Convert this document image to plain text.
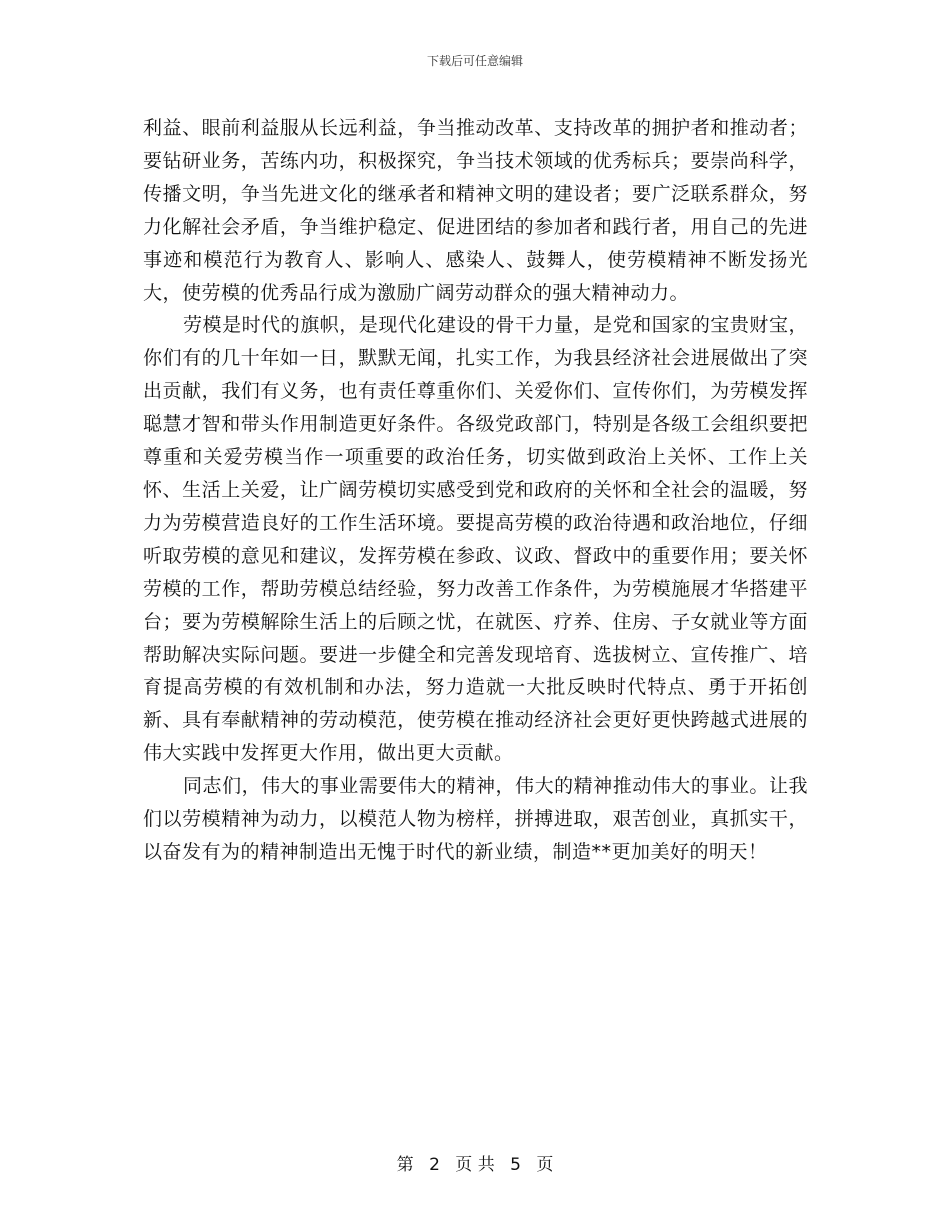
下载后可任意编辑

利益、眼前利益服从长远利益，争当推动改革、支持改革的拥护者和推动者；要钻研业务，苦练内功，积极探究，争当技术领域的优秀标兵；要崇尚科学，传播文明，争当先进文化的继承者和精神文明的建设者；要广泛联系群众，努力化解社会矛盾，争当维护稳定、促进团结的参加者和践行者，用自己的先进事迹和模范行为教育人、影响人、感染人、鼓舞人，使劳模精神不断发扬光大，使劳模的优秀品行成为激励广阔劳动群众的强大精神动力。

劳模是时代的旗帜，是现代化建设的骨干力量，是党和国家的宝贵财宝，你们有的几十年如一日，默默无闻，扎实工作，为我县经济社会进展做出了突出贡献，我们有义务，也有责任尊重你们、关爱你们、宣传你们，为劳模发挥聪慧才智和带头作用制造更好条件。各级党政部门，特别是各级工会组织要把尊重和关爱劳模当作一项重要的政治任务，切实做到政治上关怀、工作上关怀、生活上关爱，让广阔劳模切实感受到党和政府的关怀和全社会的温暖，努力为劳模营造良好的工作生活环境。要提高劳模的政治待遇和政治地位，仔细听取劳模的意见和建议，发挥劳模在参政、议政、督政中的重要作用；要关怀劳模的工作，帮助劳模总结经验，努力改善工作条件，为劳模施展才华搭建平台；要为劳模解除生活上的后顾之忧，在就医、疗养、住房、子女就业等方面帮助解决实际问题。要进一步健全和完善发现培育、选拔树立、宣传推广、培育提高劳模的有效机制和办法，努力造就一大批反映时代特点、勇于开拓创新、具有奉献精神的劳动模范，使劳模在推动经济社会更好更快跨越式进展的伟大实践中发挥更大作用，做出更大贡献。

同志们，伟大的事业需要伟大的精神，伟大的精神推动伟大的事业。让我们以劳模精神为动力，以模范人物为榜样，拼搏进取，艰苦创业，真抓实干，以奋发有为的精神制造出无愧于时代的新业绩，制造**更加美好的明天！

第 2 页 共 5 页
